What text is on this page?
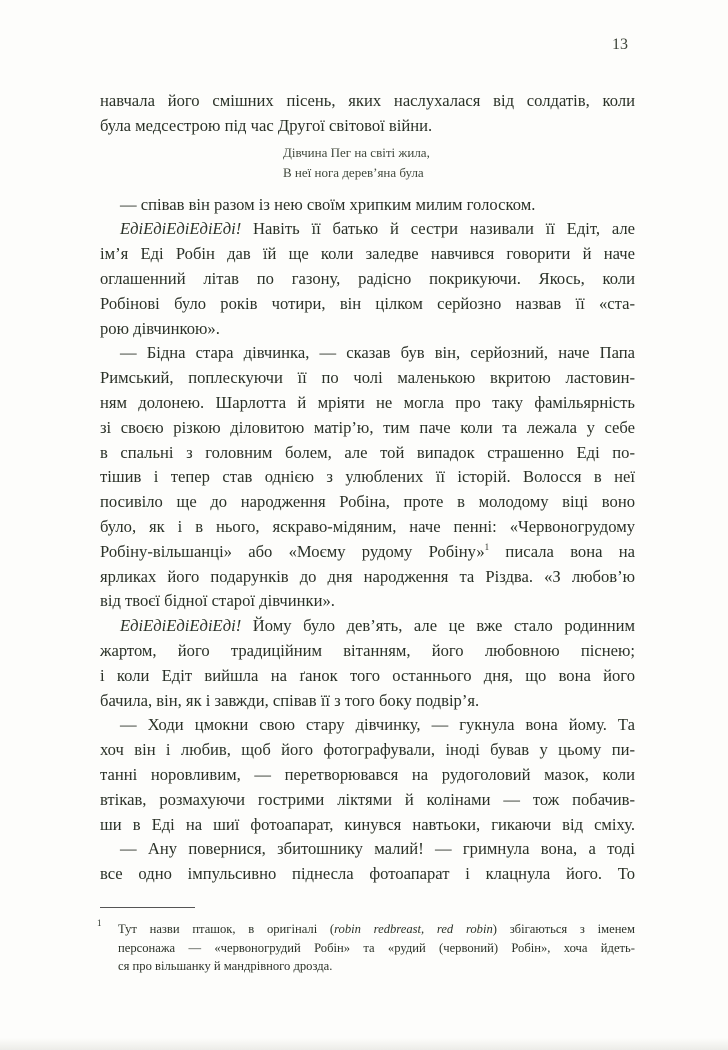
13
навчала його смішних пісень, яких наслухалася від солдатів, коли
була медсестрою під час Другої світової війни.
Дівчина Пег на світі жила,
В неї нога дерев’яна була
— співав він разом із нею своїм хрипким милим голоском.
ЕдіЕдіЕдіЕдіЕді! Навіть її батько й сестри називали її Едіт, але
ім’я Еді Робін дав їй ще коли заледве навчився говорити й наче
оглашенний літав по газону, радісно покрикуючи. Якось, коли
Робінові було років чотири, він цілком серйозно назвав її «ста-
рою дівчинкою».
— Бідна стара дівчинка, — сказав був він, серйозний, наче Папа
Римський, поплескуючи її по чолі маленькою вкритою ластовин-
ням долонею. Шарлотта й мріяти не могла про таку фамільярність
зі своєю різкою діловитою матір’ю, тим паче коли та лежала у себе
в спальні з головним болем, але той випадок страшенно Еді по-
тішив і тепер став однією з улюблених її історій. Волосся в неї
посивіло ще до народження Робіна, проте в молодому віці воно
було, як і в нього, яскраво-мідяним, наче пенні: «Червоногрудому
Робіну-вільшанці» або «Моєму рудому Робіну»$^1$ писала вона на
ярликах його подарунків до дня народження та Різдва. «З любов’ю
від твоєї бідної старої дівчинки».
ЕдіЕдіЕдіЕдіЕді! Йому було дев’ять, але це вже стало родинним
жартом, його традиційним вітанням, його любовною піснею;
і коли Едіт вийшла на ґанок того останнього дня, що вона його
бачила, він, як і завжди, співав її з того боку подвір’я.
— Ходи цмокни свою стару дівчинку, — гукнула вона йому. Та
хоч він і любив, щоб його фотографували, іноді бував у цьому пи-
танні норовливим, — перетворювався на рудоголовий мазок, коли
втікав, розмахуючи гострими ліктями й колінами — тож побачив-
ши в Еді на шиї фотоапарат, кинувся навтьоки, гикаючи від сміху.
— Ану повернися, збитошнику малий! — гримнула вона, а тоді
все одно імпульсивно піднесла фотоапарат і клацнула його. То
1	Тут назви пташок, в оригіналі (robin redbreast, red robin) збігаються з іменем
персонажа — «червоногрудий Робін» та «рудий (червоний) Робін», хоча йдеть-
ся про вільшанку й мандрівного дрозда.
